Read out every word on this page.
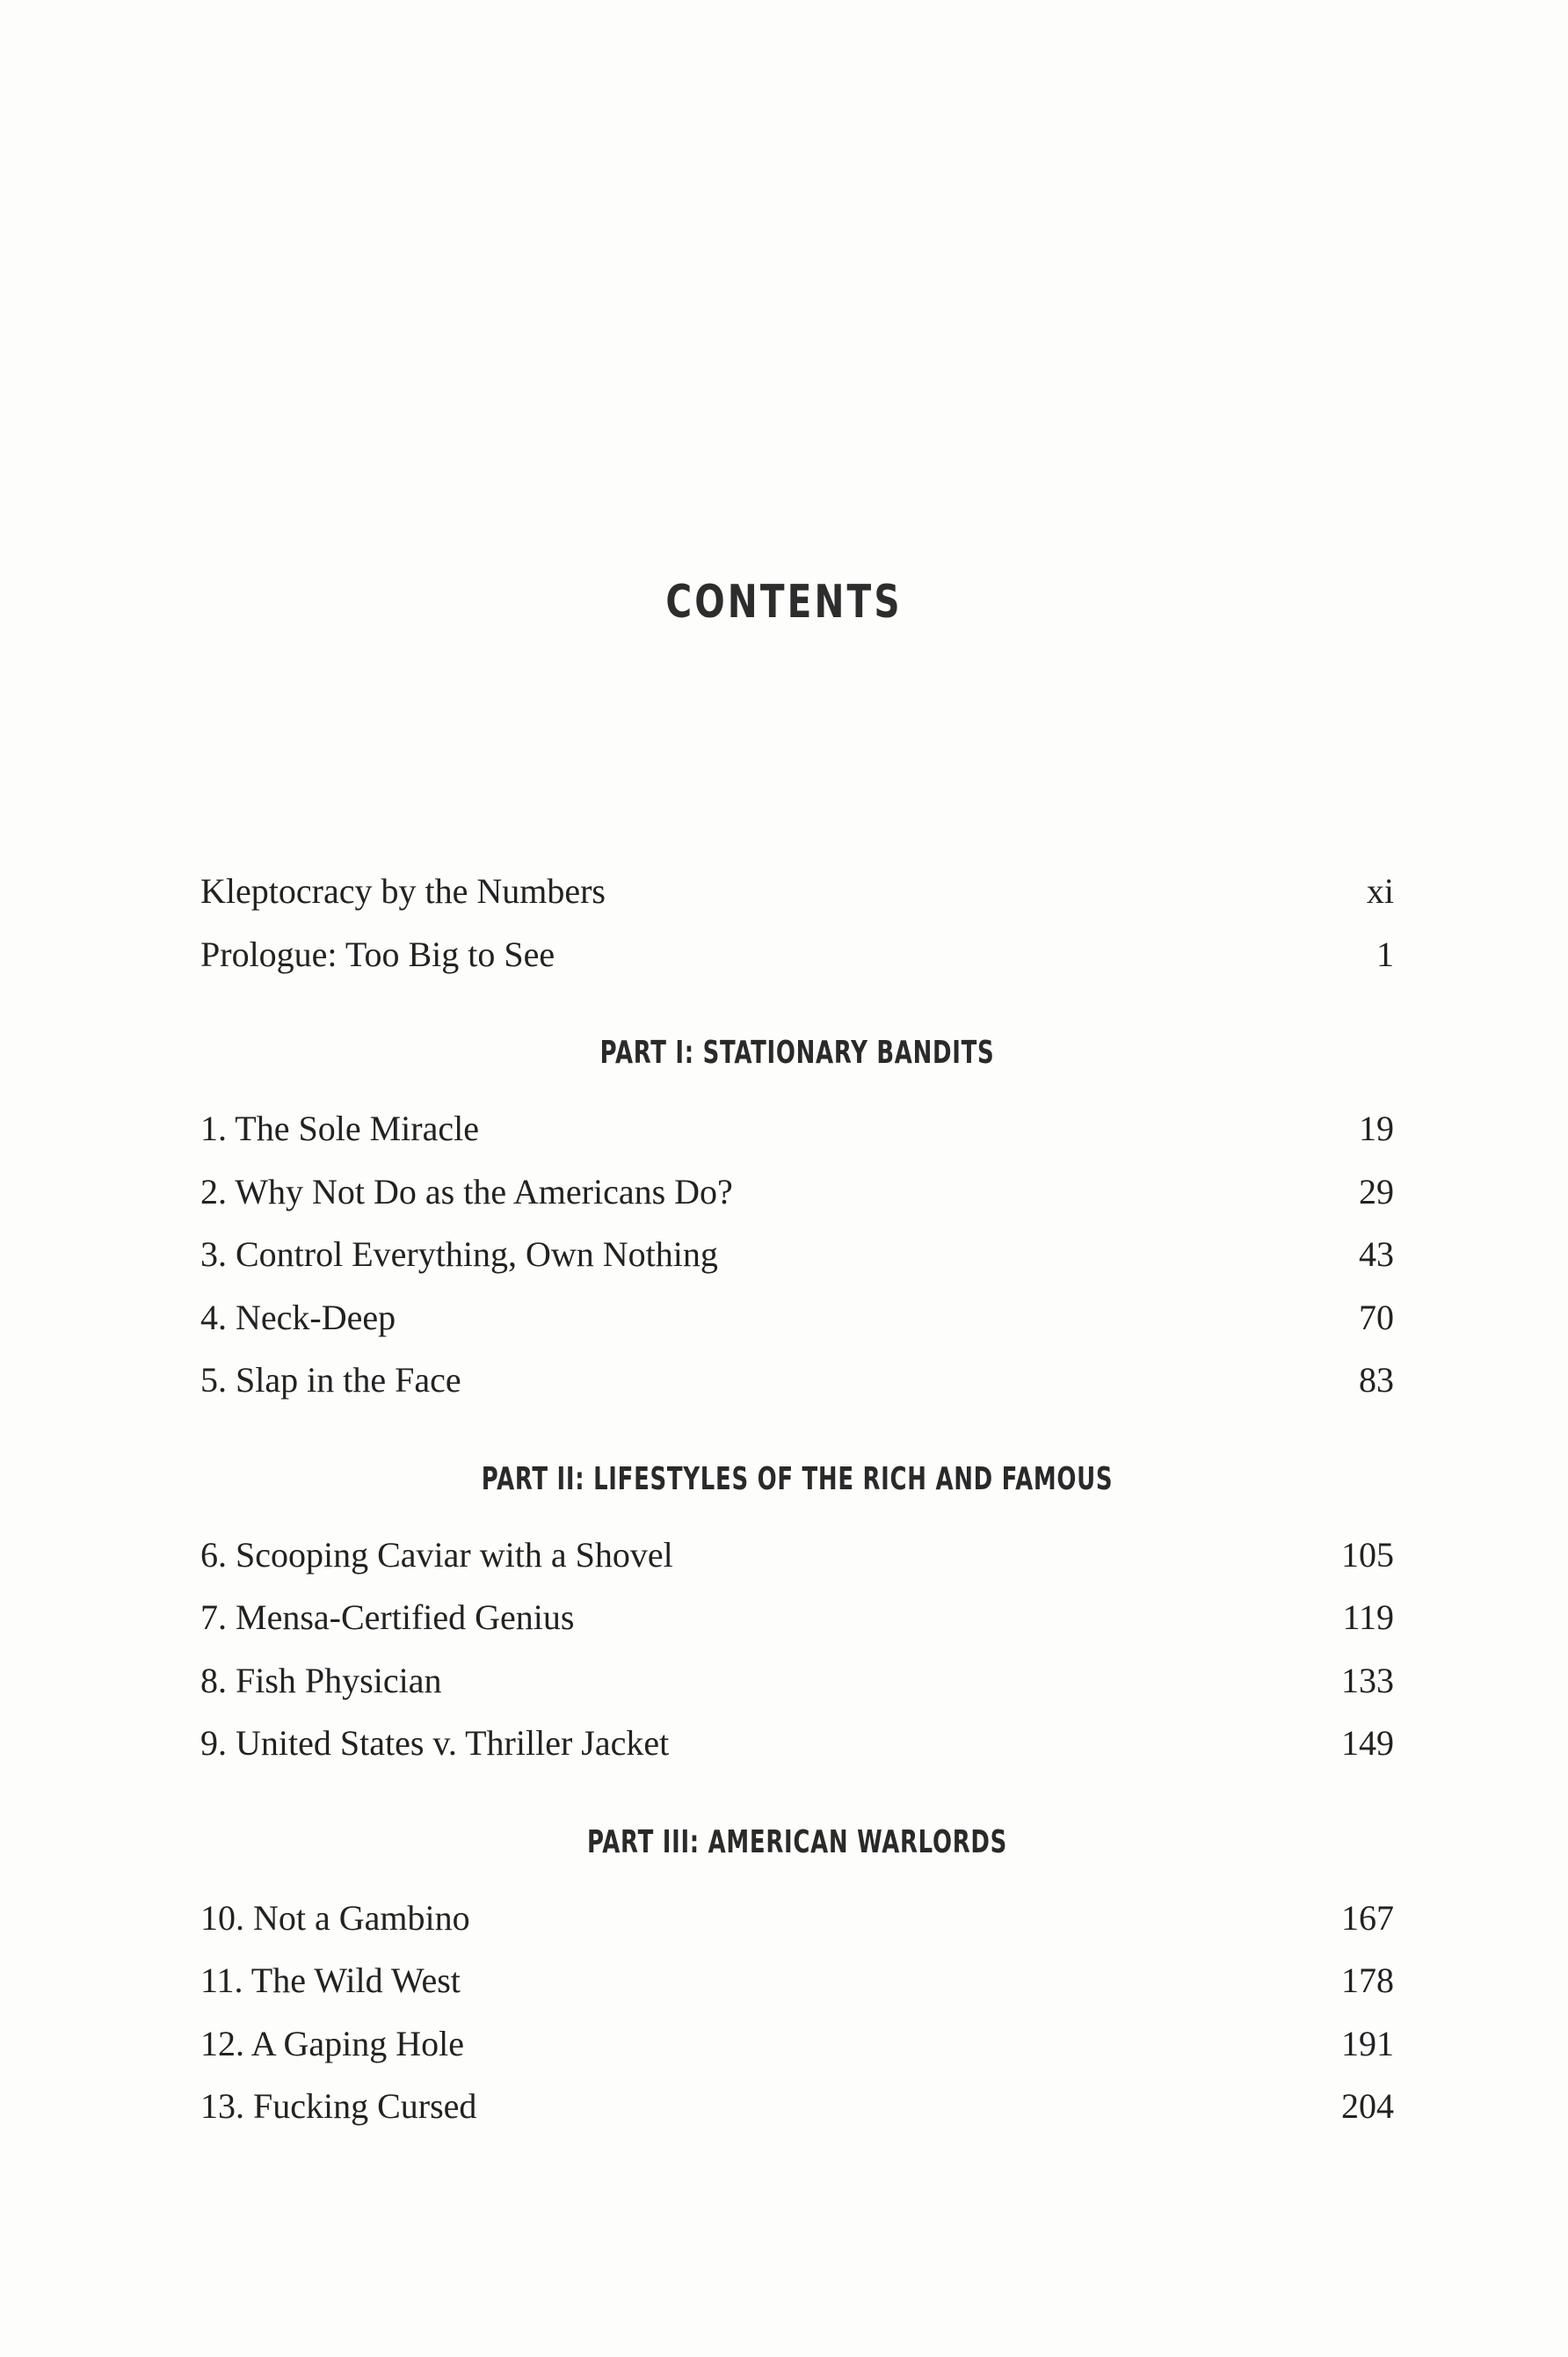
CONTENTS
Kleptocracy by the Numbers	xi
Prologue: Too Big to See	1
PART I: STATIONARY BANDITS
1. The Sole Miracle	19
2. Why Not Do as the Americans Do?	29
3. Control Everything, Own Nothing	43
4. Neck-Deep	70
5. Slap in the Face	83
PART II: LIFESTYLES OF THE RICH AND FAMOUS
6. Scooping Caviar with a Shovel	105
7. Mensa-Certified Genius	119
8. Fish Physician	133
9. United States v. Thriller Jacket	149
PART III: AMERICAN WARLORDS
10. Not a Gambino	167
11. The Wild West	178
12. A Gaping Hole	191
13. Fucking Cursed	204
